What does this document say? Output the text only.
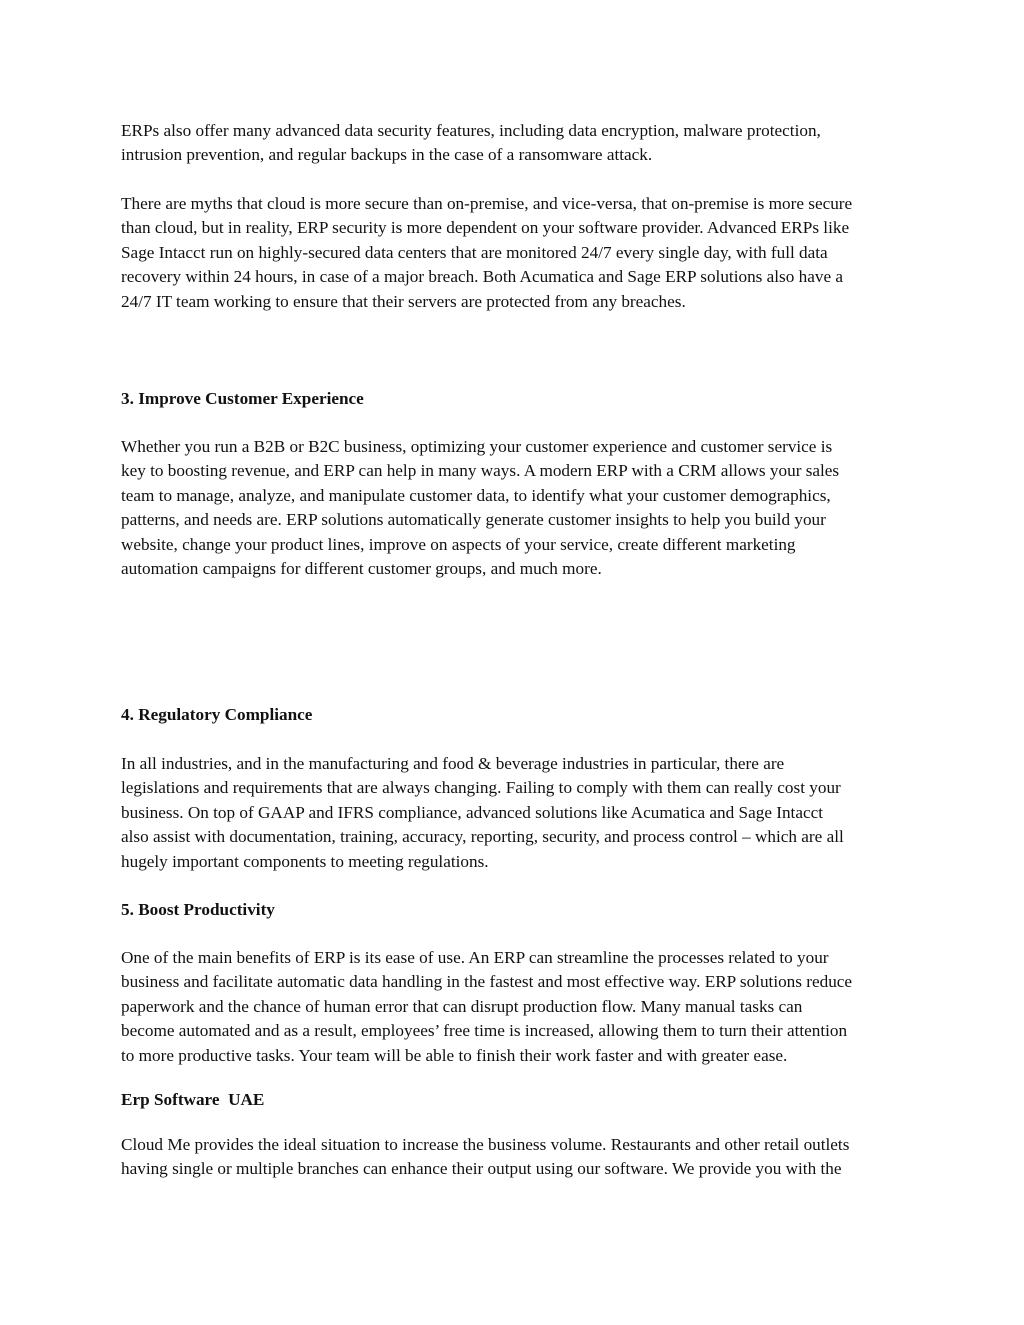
ERPs also offer many advanced data security features, including data encryption, malware protection,
intrusion prevention, and regular backups in the case of a ransomware attack.

There are myths that cloud is more secure than on-premise, and vice-versa, that on-premise is more secure
than cloud, but in reality, ERP security is more dependent on your software provider. Advanced ERPs like
Sage Intacct run on highly-secured data centers that are monitored 24/7 every single day, with full data
recovery within 24 hours, in case of a major breach. Both Acumatica and Sage ERP solutions also have a
24/7 IT team working to ensure that their servers are protected from any breaches.

3. Improve Customer Experience

Whether you run a B2B or B2C business, optimizing your customer experience and customer service is
key to boosting revenue, and ERP can help in many ways. A modern ERP with a CRM allows your sales
team to manage, analyze, and manipulate customer data, to identify what your customer demographics,
patterns, and needs are. ERP solutions automatically generate customer insights to help you build your
website, change your product lines, improve on aspects of your service, create different marketing
automation campaigns for different customer groups, and much more.

4. Regulatory Compliance

In all industries, and in the manufacturing and food & beverage industries in particular, there are
legislations and requirements that are always changing. Failing to comply with them can really cost your
business. On top of GAAP and IFRS compliance, advanced solutions like Acumatica and Sage Intacct
also assist with documentation, training, accuracy, reporting, security, and process control – which are all
hugely important components to meeting regulations.

5. Boost Productivity

One of the main benefits of ERP is its ease of use. An ERP can streamline the processes related to your
business and facilitate automatic data handling in the fastest and most effective way. ERP solutions reduce
paperwork and the chance of human error that can disrupt production flow. Many manual tasks can
become automated and as a result, employees’ free time is increased, allowing them to turn their attention
to more productive tasks. Your team will be able to finish their work faster and with greater ease.

Erp Software  UAE

Cloud Me provides the ideal situation to increase the business volume. Restaurants and other retail outlets
having single or multiple branches can enhance their output using our software. We provide you with the
